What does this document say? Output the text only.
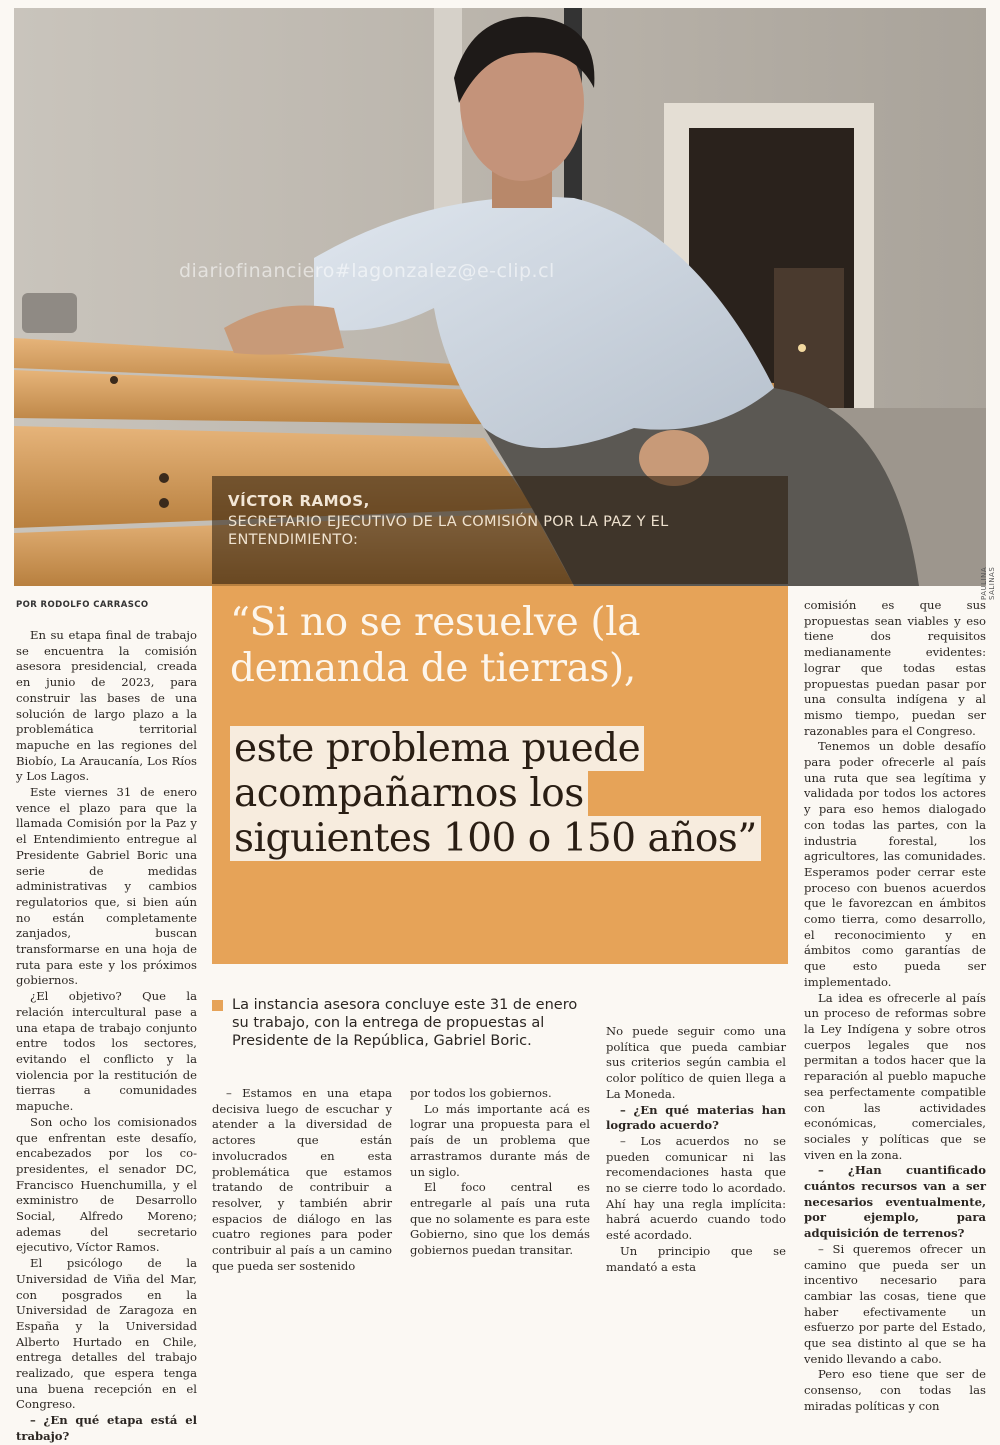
diariofinanciero#lagonzalez@e-clip.cl
PAULINA SALINAS
VÍCTOR RAMOS,
SECRETARIO EJECUTIVO DE LA COMISIÓN POR LA PAZ Y EL ENTENDIMIENTO:
POR RODOLFO CARRASCO “Si no se resuelve (la demanda de tierras),

este problema puede acompañarnos los siguientes 100 o 150 años”

La instancia asesora concluye este 31 de enero su trabajo, con la entrega de propuestas al Presidente de la República, Gabriel Boric.

En su etapa final de trabajo se encuentra la comisión asesora presidencial, creada en junio de 2023, para construir las bases de una solución de largo plazo a la problemática territorial mapuche en las regiones del Biobío, La Araucanía, Los Ríos y Los Lagos.

Este viernes 31 de enero vence el plazo para que la llamada Comisión por la Paz y el Entendimiento entregue al Presidente Gabriel Boric una serie de medidas administrativas y cambios regulatorios que, si bien aún no están completamente zanjados, buscan transformarse en una hoja de ruta para este y los próximos gobiernos.

¿El objetivo? Que la relación intercultural pase a una etapa de trabajo conjunto entre todos los sectores, evitando el conflicto y la violencia por la restitución de tierras a comunidades mapuche.

Son ocho los comisionados que enfrentan este desafío, encabezados por los co-presidentes, el senador DC, Francisco Huenchumilla, y el exministro de Desarrollo Social, Alfredo Moreno; ademas del secretario ejecutivo, Víctor Ramos.

El psicólogo de la Universidad de Viña del Mar, con posgrados en la Universidad de Zaragoza en España y la Universidad Alberto Hurtado en Chile, entrega detalles del trabajo realizado, que espera tenga una buena recepción en el Congreso.

– ¿En qué etapa está el trabajo?

– Estamos en una etapa decisiva luego de escuchar y atender a la diversidad de actores que están involucrados en esta problemática que estamos tratando de contribuir a resolver, y también abrir espacios de diálogo en las cuatro regiones para poder contribuir al país a un camino que pueda ser sostenido

por todos los gobiernos.

Lo más importante acá es lograr una propuesta para el país de un problema que arrastramos durante más de un siglo.

El foco central es entregarle al país una ruta que no solamente es para este Gobierno, sino que los demás gobiernos puedan transitar.

No puede seguir como una política que pueda cambiar sus criterios según cambia el color político de quien llega a La Moneda.

– ¿En qué materias han logrado acuerdo?

– Los acuerdos no se pueden comunicar ni las recomendaciones hasta que no se cierre todo lo acordado. Ahí hay una regla implícita: habrá acuerdo cuando todo esté acordado.

Un principio que se mandató a esta

comisión es que sus propuestas sean viables y eso tiene dos requisitos medianamente evidentes: lograr que todas estas propuestas puedan pasar por una consulta indígena y al mismo tiempo, puedan ser razonables para el Congreso.

Tenemos un doble desafío para poder ofrecerle al país una ruta que sea legítima y validada por todos los actores y para eso hemos dialogado con todas las partes, con la industria forestal, los agricultores, las comunidades. Esperamos poder cerrar este proceso con buenos acuerdos que le favorezcan en ámbitos como tierra, como desarrollo, el reconocimiento y en ámbitos como garantías de que esto pueda ser implementado.

La idea es ofrecerle al país un proceso de reformas sobre la Ley Indígena y sobre otros cuerpos legales que nos permitan a todos hacer que la reparación al pueblo mapuche sea perfectamente compatible con las actividades económicas, comerciales, sociales y políticas que se viven en la zona.

– ¿Han cuantificado cuántos recursos van a ser necesarios eventualmente, por ejemplo, para adquisición de terrenos?

– Si queremos ofrecer un camino que pueda ser un incentivo necesario para cambiar las cosas, tiene que haber efectivamente un esfuerzo por parte del Estado, que sea distinto al que se ha venido llevando a cabo.

Pero eso tiene que ser de consenso, con todas las miradas políticas y con
